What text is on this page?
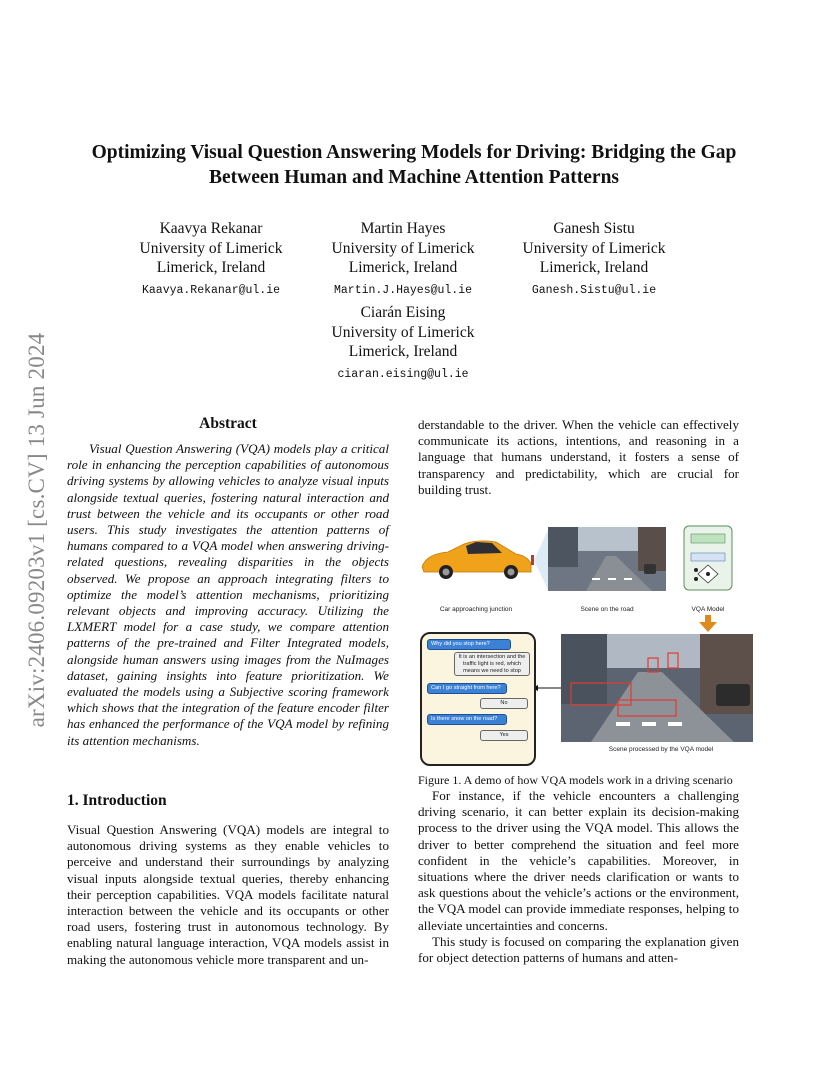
arXiv:2406.09203v1 [cs.CV] 13 Jun 2024
Optimizing Visual Question Answering Models for Driving: Bridging the Gap Between Human and Machine Attention Patterns
Kaavya Rekanar
University of Limerick
Limerick, Ireland
Kaavya.Rekanar@ul.ie
Martin Hayes
University of Limerick
Limerick, Ireland
Martin.J.Hayes@ul.ie
Ganesh Sistu
University of Limerick
Limerick, Ireland
Ganesh.Sistu@ul.ie
Ciarán Eising
University of Limerick
Limerick, Ireland
ciaran.eising@ul.ie
Abstract
Visual Question Answering (VQA) models play a critical role in enhancing the perception capabilities of autonomous driving systems by allowing vehicles to analyze visual inputs alongside textual queries, fostering natural interaction and trust between the vehicle and its occupants or other road users. This study investigates the attention patterns of humans compared to a VQA model when answering driving-related questions, revealing disparities in the objects observed. We propose an approach integrating filters to optimize the model’s attention mechanisms, prioritizing relevant objects and improving accuracy. Utilizing the LXMERT model for a case study, we compare attention patterns of the pre-trained and Filter Integrated models, alongside human answers using images from the NuImages dataset, gaining insights into feature prioritization. We evaluated the models using a Subjective scoring framework which shows that the integration of the feature encoder filter has enhanced the performance of the VQA model by refining its attention mechanisms.
1. Introduction
Visual Question Answering (VQA) models are integral to autonomous driving systems as they enable vehicles to perceive and understand their surroundings by analyzing visual inputs alongside textual queries, thereby enhancing their perception capabilities. VQA models facilitate natural interaction between the vehicle and its occupants or other road users, fostering trust in autonomous technology. By enabling natural language interaction, VQA models assist in making the autonomous vehicle more transparent and un-
derstandable to the driver. When the vehicle can effectively communicate its actions, intentions, and reasoning in a language that humans understand, it fosters a sense of transparency and predictability, which are crucial for building trust.
Car approaching junction	Scene on the road	VQA Model
Scene processed by the VQA model
Why did you stop here?
It is an intersection and the traffic light is red, which means we need to stop
Can I go straight from here?
No
Is there snow on the road?
Yes
Figure 1. A demo of how VQA models work in a driving scenario
For instance, if the vehicle encounters a challenging driving scenario, it can better explain its decision-making process to the driver using the VQA model. This allows the driver to better comprehend the situation and feel more confident in the vehicle’s capabilities. Moreover, in situations where the driver needs clarification or wants to ask questions about the vehicle’s actions or the environment, the VQA model can provide immediate responses, helping to alleviate uncertainties and concerns.
This study is focused on comparing the explanation given for object detection patterns of humans and atten-
